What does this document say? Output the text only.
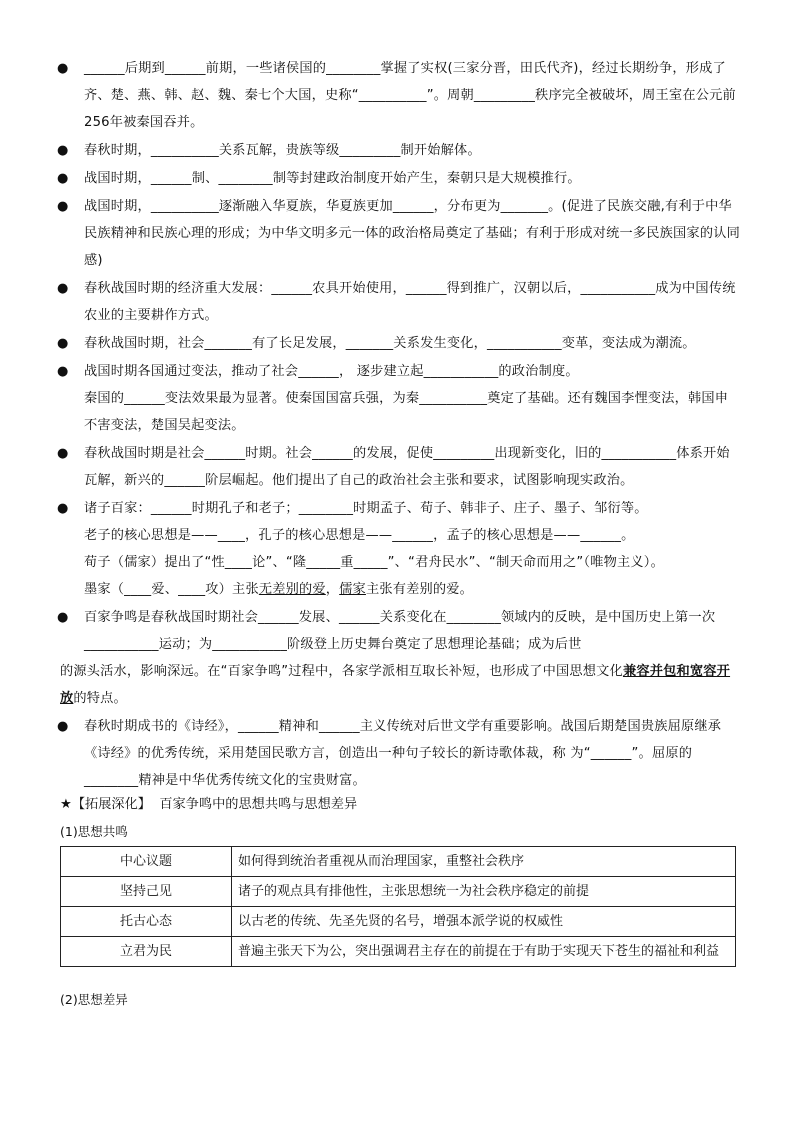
● ______后期到______前期，一些诸侯国的________掌握了实权(三家分晋，田氏代齐)，经过长期纷争，形成了齐、楚、燕、韩、赵、魏、秦七个大国，史称“__________”。周朝_________秩序完全被破坏，周王室在公元前256年被秦国吞并。
● 春秋时期，__________关系瓦解，贵族等级_________制开始解体。
● 战国时期，______制、________制等封建政治制度开始产生，秦朝只是大规模推行。
● 战国时期，__________逐渐融入华夏族，华夏族更加______，分布更为_______。(促进了民族交融,有利于中华民族精神和民族心理的形成；为中华文明多元一体的政治格局奠定了基础；有利于形成对统一多民族国家的认同感)
● 春秋战国时期的经济重大发展：______农具开始使用，______得到推广，汉朝以后，___________成为中国传统农业的主要耕作方式。
● 春秋战国时期，社会_______有了长足发展，_______关系发生变化，___________变革，变法成为潮流。
● 战国时期各国通过变法，推动了社会______， 逐步建立起___________的政治制度。
秦国的______变法效果最为显著。使秦国国富兵强，为秦__________奠定了基础。还有魏国李悝变法，韩国申不害变法，楚国吴起变法。
● 春秋战国时期是社会______时期。社会______的发展，促使_________出现新变化，旧的___________体系开始瓦解，新兴的______阶层崛起。他们提出了自己的政治社会主张和要求，试图影响现实政治。
● 诸子百家：______时期孔子和老子；________时期孟子、荀子、韩非子、庄子、墨子、邹衍等。
老子的核心思想是——____，孔子的核心思想是——______，孟子的核心思想是——______。
荀子（儒家）提出了“性____论”、“隆_____重_____”、“君舟民水”、“制天命而用之”（唯物主义）。
墨家（____爱、____攻）主张无差别的爱，儒家主张有差别的爱。
● 百家争鸣是春秋战国时期社会______发展、______关系变化在________领域内的反映，是中国历史上第一次___________运动；为___________阶级登上历史舞台奠定了思想理论基础；成为后世
的源头活水，影响深远。在“百家争鸣”过程中，各家学派相互取长补短，也形成了中国思想文化兼容并包和宽容开放的特点。
● 春秋时期成书的《诗经》，______精神和______主义传统对后世文学有重要影响。战国后期楚国贵族屈原继承《诗经》的优秀传统，采用楚国民歌方言，创造出一种句子较长的新诗歌体裁，称 为“______”。屈原的________精神是中华优秀传统文化的宝贵财富。
★【拓展深化】 百家争鸣中的思想共鸣与思想差异
(1)思想共鸣
中心议题	如何得到统治者重视从而治理国家，重整社会秩序
坚持己见	诸子的观点具有排他性，主张思想统一为社会秩序稳定的前提
托古心态	以古老的传统、先圣先贤的名号，增强本派学说的权威性
立君为民	普遍主张天下为公，突出强调君主存在的前提在于有助于实现天下苍生的福祉和利益
(2)思想差异
